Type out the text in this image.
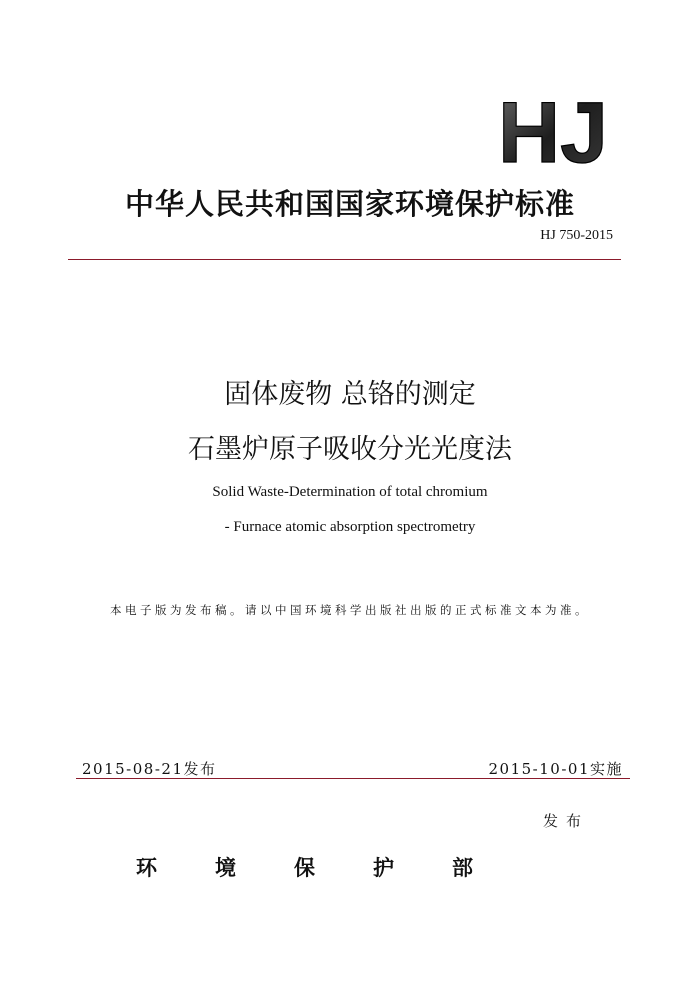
HJ
中华人民共和国国家环境保护标准
HJ 750-2015
固体废物 总铬的测定
石墨炉原子吸收分光光度法
Solid Waste-Determination of total chromium
- Furnace atomic absorption spectrometry
本电子版为发布稿。请以中国环境科学出版社出版的正式标准文本为准。
2015-08-21发布	2015-10-01实施
发布
环境保护部
